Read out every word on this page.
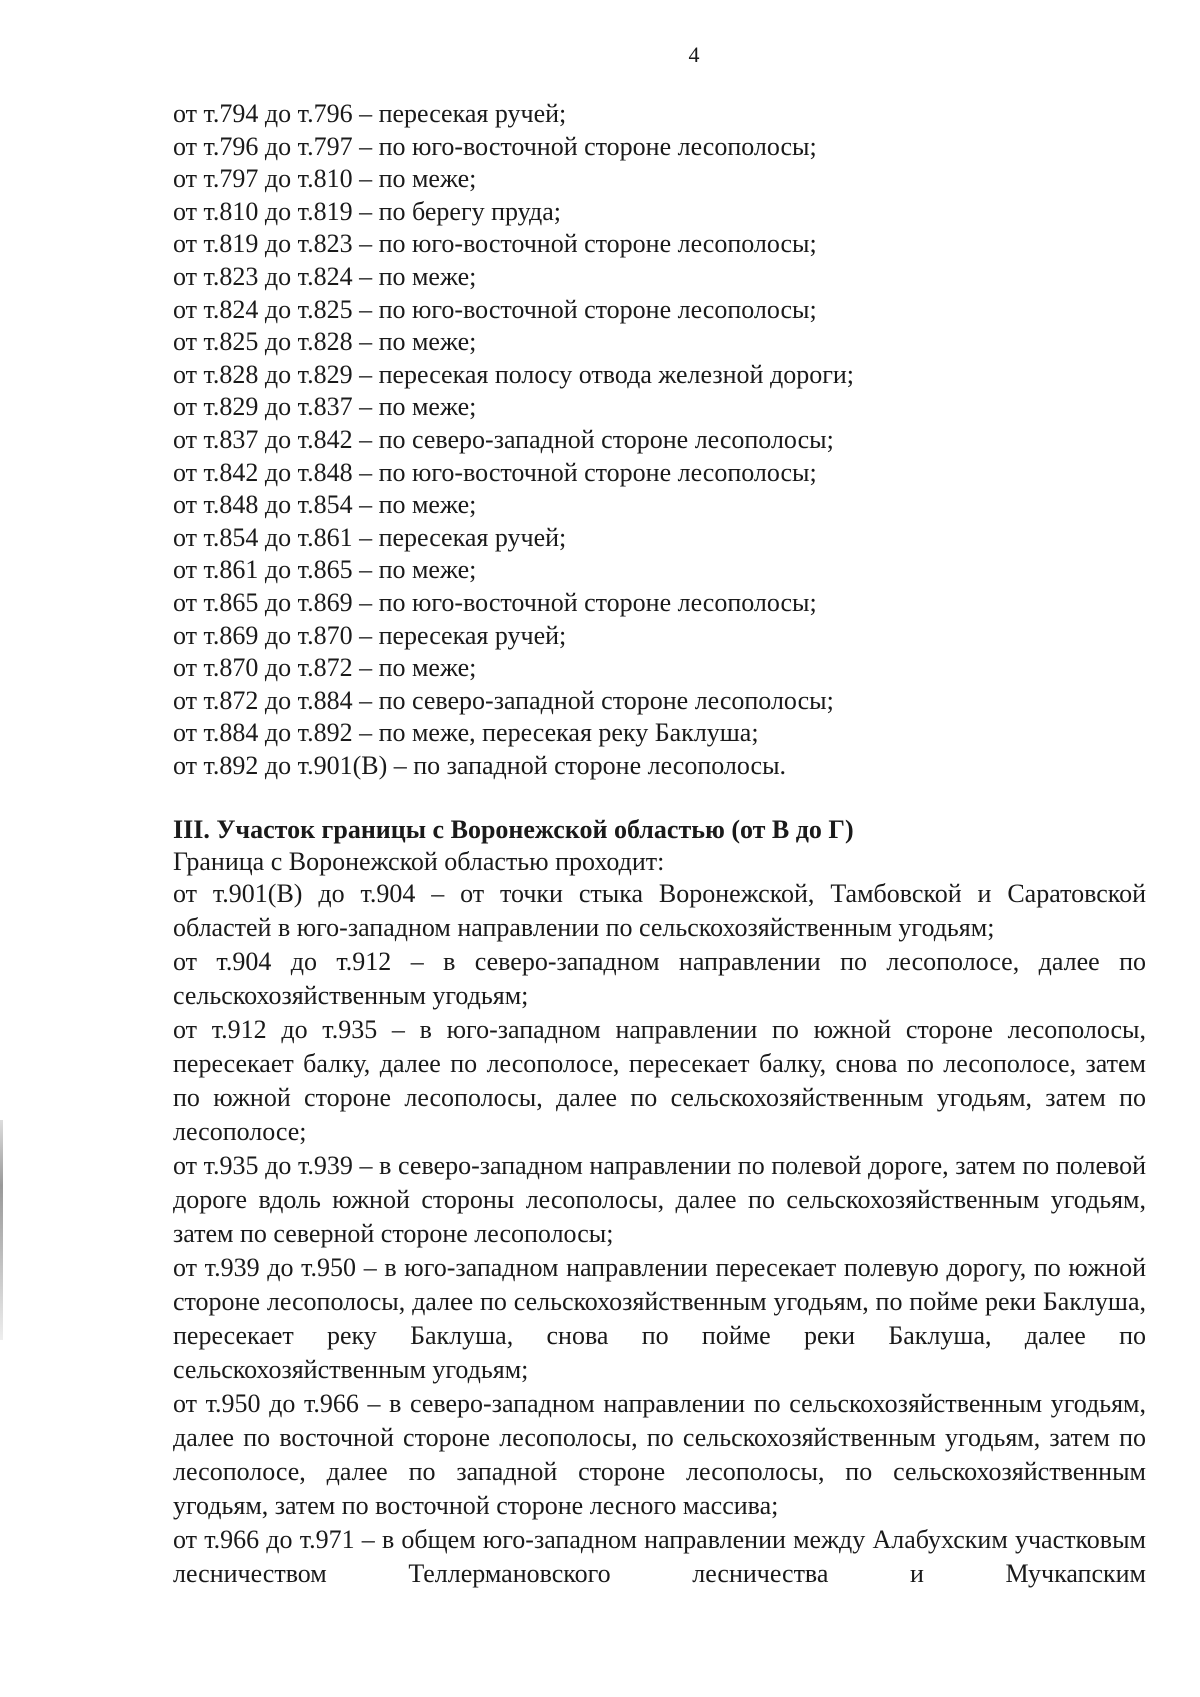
4
от т.794 до т.796 – пересекая ручей;
от т.796 до т.797 – по юго-восточной стороне лесополосы;
от т.797 до т.810 – по меже;
от т.810 до т.819 – по берегу пруда;
от т.819 до т.823 – по юго-восточной стороне лесополосы;
от т.823 до т.824 – по меже;
от т.824 до т.825 – по юго-восточной стороне лесополосы;
от т.825 до т.828 – по меже;
от т.828 до т.829 – пересекая полосу отвода железной дороги;
от т.829 до т.837 – по меже;
от т.837 до т.842 – по северо-западной стороне лесополосы;
от т.842 до т.848 – по юго-восточной стороне лесополосы;
от т.848 до т.854 – по меже;
от т.854 до т.861 – пересекая ручей;
от т.861 до т.865 – по меже;
от т.865 до т.869 – по юго-восточной стороне лесополосы;
от т.869 до т.870 – пересекая ручей;
от т.870 до т.872 – по меже;
от т.872 до т.884 – по северо-западной стороне лесополосы;
от т.884 до т.892 – по меже, пересекая реку Баклуша;
от т.892 до т.901(В) – по западной стороне лесополосы.
III. Участок границы с Воронежской областью (от В до Г)
Граница с Воронежской областью проходит:
от т.901(В) до т.904 – от точки стыка Воронежской, Тамбовской и Саратовской областей в юго-западном направлении по сельскохозяйственным угодьям;
от т.904 до т.912 – в северо-западном направлении по лесополосе, далее по сельскохозяйственным угодьям;
от т.912 до т.935 – в юго-западном направлении по южной стороне лесополосы, пересекает балку, далее по лесополосе, пересекает балку, снова по лесополосе, затем по южной стороне лесополосы, далее по сельскохозяйственным угодьям, затем по лесополосе;
от т.935 до т.939 – в северо-западном направлении по полевой дороге, затем по полевой дороге вдоль южной стороны лесополосы, далее по сельскохозяйственным угодьям, затем по северной стороне лесополосы;
от т.939 до т.950 – в юго-западном направлении пересекает полевую дорогу, по южной стороне лесополосы, далее по сельскохозяйственным угодьям, по пойме реки Баклуша, пересекает реку Баклуша, снова по пойме реки Баклуша, далее по сельскохозяйственным угодьям;
от т.950 до т.966 – в северо-западном направлении по сельскохозяйственным угодьям, далее по восточной стороне лесополосы, по сельскохозяйственным угодьям, затем по лесополосе, далее по западной стороне лесополосы, по сельскохозяйственным угодьям, затем по восточной стороне лесного массива;
от т.966 до т.971 – в общем юго-западном направлении между Алабухским участковым лесничеством Теллермановского лесничества и Мучкапским
